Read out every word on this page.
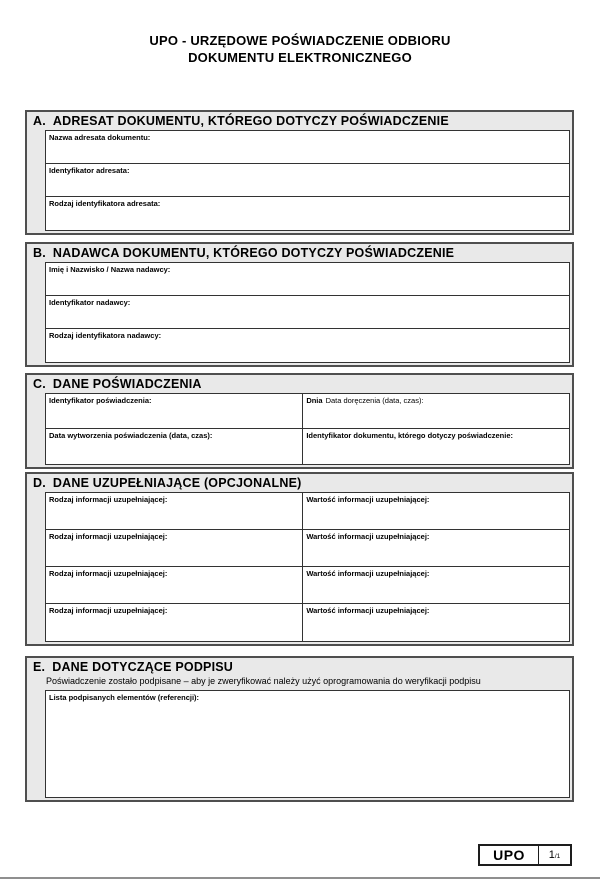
UPO - URZĘDOWE POŚWIADCZENIE ODBIORU
DOKUMENTU ELEKTRONICZNEGO
A. ADRESAT DOKUMENTU, KTÓREGO DOTYCZY POŚWIADCZENIE
Nazwa adresata dokumentu:
Identyfikator adresata:
Rodzaj identyfikatora adresata:
B. NADAWCA DOKUMENTU, KTÓREGO DOTYCZY POŚWIADCZENIE
Imię i Nazwisko / Nazwa nadawcy:
Identyfikator nadawcy:
Rodzaj identyfikatora nadawcy:
C. DANE POŚWIADCZENIA
Identyfikator poświadczenia:	Dnia Data doręczenia (data, czas):
Data wytworzenia poświadczenia (data, czas):	Identyfikator dokumentu, którego dotyczy poświadczenie:
D. DANE UZUPEŁNIAJĄCE (OPCJONALNE)
Rodzaj informacji uzupełniającej:	Wartość informacji uzupełniającej:
Rodzaj informacji uzupełniającej:	Wartość informacji uzupełniającej:
Rodzaj informacji uzupełniającej:	Wartość informacji uzupełniającej:
Rodzaj informacji uzupełniającej:	Wartość informacji uzupełniającej:
E. DANE DOTYCZĄCE PODPISU
Poświadczenie zostało podpisane – aby je zweryfikować należy użyć oprogramowania do weryfikacji podpisu
Lista podpisanych elementów (referencji):
UPO	1 /1
